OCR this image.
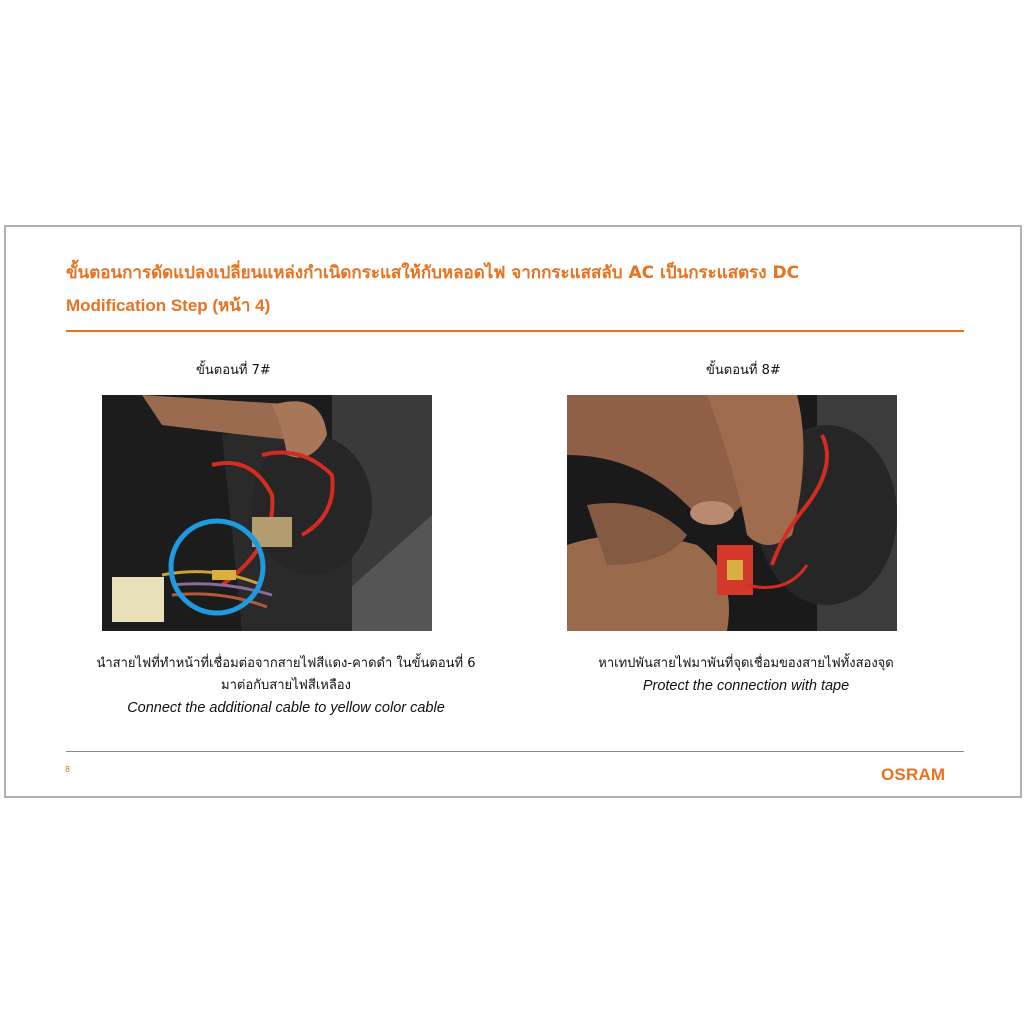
ขั้นตอนการดัดแปลงเปลี่ยนแหล่งกำเนิดกระแสให้กับหลอดไฟ จากกระแสสลับ AC เป็นกระแสตรง DC
Modification Step (หน้า 4)
ขั้นตอนที่ 7#
นำสายไฟที่ทำหน้าที่เชื่อมต่อจากสายไฟสีแดง-คาดดำ ในขั้นตอนที่ 6
มาต่อกับสายไฟสีเหลือง
Connect the additional cable to yellow color cable
ขั้นตอนที่ 8#
หาเทปพันสายไฟมาพันที่จุดเชื่อมของสายไฟทั้งสองจุด
Protect the connection with tape
8	OSRAM
